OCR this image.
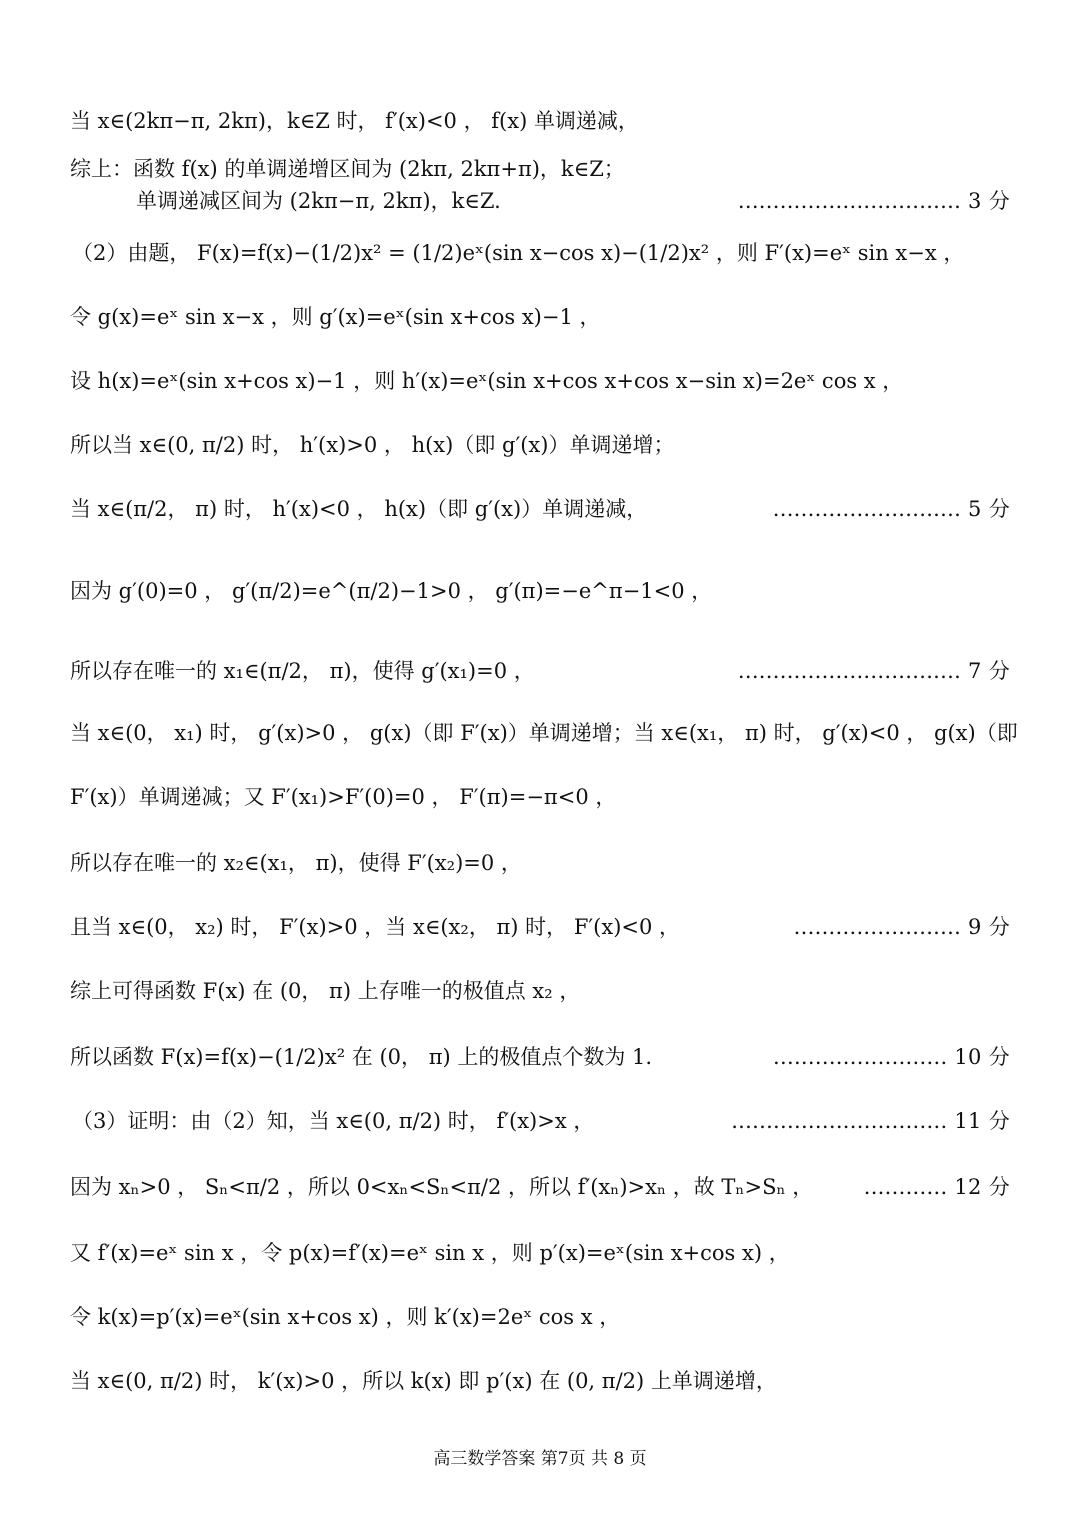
当 x∈(2kπ−π, 2kπ)，k∈Z 时， f′(x)<0 ， f(x) 单调递减，
综上：函数 f(x) 的单调递增区间为 (2kπ, 2kπ+π)，k∈Z；
单调递减区间为 (2kπ−π, 2kπ)，k∈Z.	................................ 3 分
（2）由题， F(x)=f(x)−(1/2)x² = (1/2)eˣ(sin x−cos x)−(1/2)x² ，则 F′(x)=eˣ sin x−x ，
令 g(x)=eˣ sin x−x ，则 g′(x)=eˣ(sin x+cos x)−1 ，
设 h(x)=eˣ(sin x+cos x)−1 ，则 h′(x)=eˣ(sin x+cos x+cos x−sin x)=2eˣ cos x ，
所以当 x∈(0, π/2) 时， h′(x)>0 ， h(x)（即 g′(x)）单调递增；
当 x∈(π/2， π) 时， h′(x)<0 ， h(x)（即 g′(x)）单调递减，	........................... 5 分
因为 g′(0)=0 ， g′(π/2)=e^(π/2)−1>0 ， g′(π)=−e^π−1<0 ，
所以存在唯一的 x₁∈(π/2， π)，使得 g′(x₁)=0 ，	................................ 7 分
当 x∈(0， x₁) 时， g′(x)>0 ， g(x)（即 F′(x)）单调递增；当 x∈(x₁， π) 时， g′(x)<0 ， g(x)（即
F′(x)）单调递减；又 F′(x₁)>F′(0)=0 ， F′(π)=−π<0 ，
所以存在唯一的 x₂∈(x₁， π)，使得 F′(x₂)=0 ，
且当 x∈(0， x₂) 时， F′(x)>0 ，当 x∈(x₂， π) 时， F′(x)<0 ，	........................ 9 分
综上可得函数 F(x) 在 (0， π) 上存唯一的极值点 x₂ ，
所以函数 F(x)=f(x)−(1/2)x² 在 (0， π) 上的极值点个数为 1.	......................... 10 分
（3）证明：由（2）知，当 x∈(0, π/2) 时， f′(x)>x ，	............................... 11 分
因为 xₙ>0 ， Sₙ<π/2 ，所以 0<xₙ<Sₙ<π/2 ，所以 f′(xₙ)>xₙ ，故 Tₙ>Sₙ ， ............ 12 分
又 f′(x)=eˣ sin x ，令 p(x)=f′(x)=eˣ sin x ，则 p′(x)=eˣ(sin x+cos x) ，
令 k(x)=p′(x)=eˣ(sin x+cos x) ，则 k′(x)=2eˣ cos x ，
当 x∈(0, π/2) 时， k′(x)>0 ，所以 k(x) 即 p′(x) 在 (0, π/2) 上单调递增，
高三数学答案 第7页 共 8 页
